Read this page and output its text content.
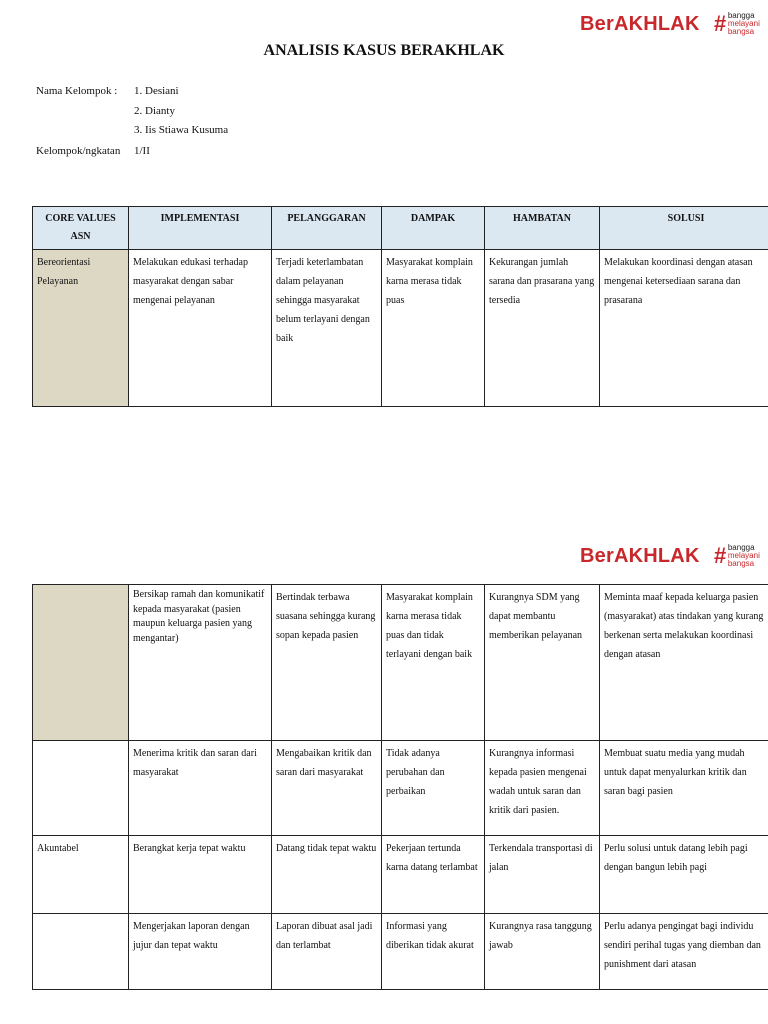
BerAKHLAK # bangga
melayani
bangsa
ANALISIS KASUS BERAKHLAK
Nama Kelompok : 1. Desiani
2. Dianty
3. Iis Stiawa Kusuma
Kelompok/ngkatan 1/II
CORE VALUES ASN	IMPLEMENTASI	PELANGGARAN	DAMPAK	HAMBATAN	SOLUSI
Bereorientasi Pelayanan	Melakukan edukasi terhadap masyarakat dengan sabar mengenai pelayanan	Terjadi keterlambatan dalam pelayanan sehingga masyarakat belum terlayani dengan baik	Masyarakat komplain karna merasa tidak puas	Kekurangan jumlah sarana dan prasarana yang tersedia	Melakukan koordinasi dengan atasan mengenai ketersediaan sarana dan prasarana
BerAKHLAK # bangga
melayani
bangsa
	Bersikap ramah dan komunikatif kepada masyarakat (pasien maupun keluarga pasien yang mengantar)	Bertindak terbawa suasana sehingga kurang sopan kepada pasien	Masyarakat komplain karna merasa tidak puas dan tidak terlayani dengan baik	Kurangnya SDM yang dapat membantu memberikan pelayanan	Meminta maaf kepada keluarga pasien (masyarakat) atas tindakan yang kurang berkenan serta melakukan koordinasi dengan atasan
	Menerima kritik dan saran dari masyarakat	Mengabaikan kritik dan saran dari masyarakat	Tidak adanya perubahan dan perbaikan	Kurangnya informasi kepada pasien mengenai wadah untuk saran dan kritik dari pasien.	Membuat suatu media yang mudah untuk dapat menyalurkan kritik dan saran bagi pasien
Akuntabel	Berangkat kerja tepat waktu	Datang tidak tepat waktu	Pekerjaan tertunda karna datang terlambat	Terkendala transportasi di jalan	Perlu solusi untuk datang lebih pagi dengan bangun lebih pagi
	Mengerjakan laporan dengan jujur dan tepat waktu	Laporan dibuat asal jadi dan terlambat	Informasi yang diberikan tidak akurat	Kurangnya rasa tanggung jawab	Perlu adanya pengingat bagi individu sendiri perihal tugas yang diemban dan punishment dari atasan
